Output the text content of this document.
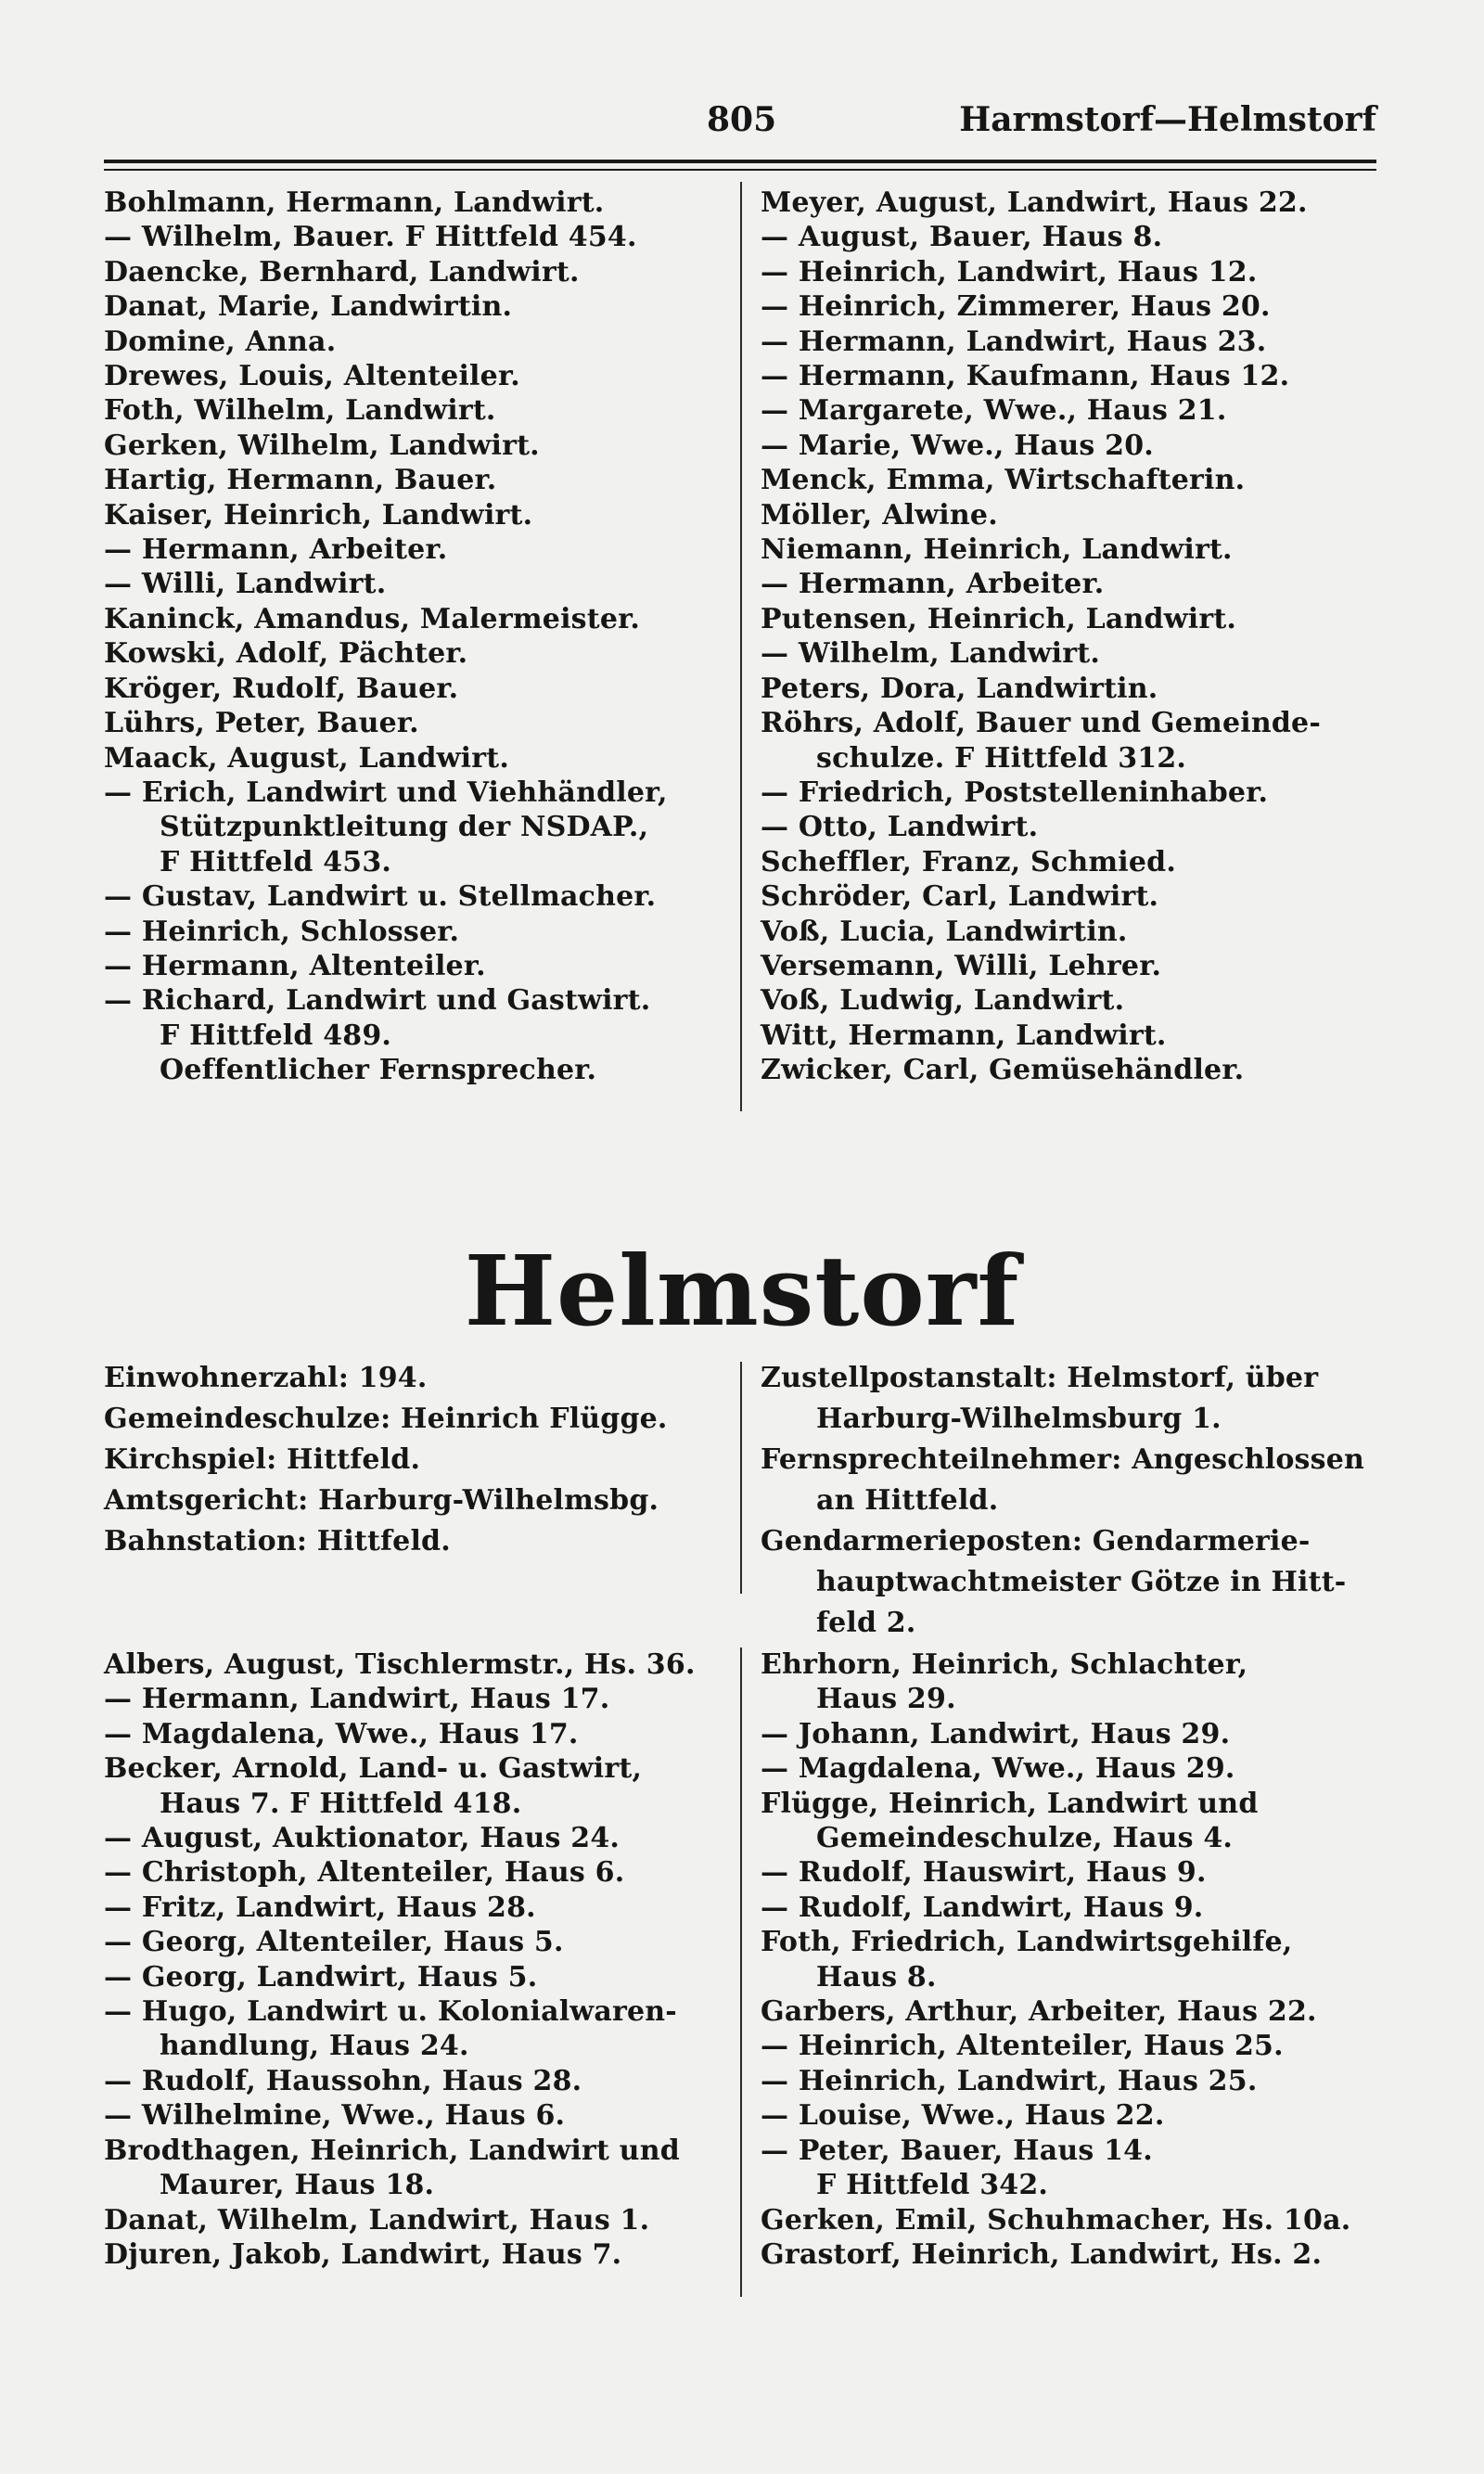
805	Harmstorf—Helmstorf
Bohlmann, Hermann, Landwirt.
— Wilhelm, Bauer. F Hittfeld 454.
Daencke, Bernhard, Landwirt.
Danat, Marie, Landwirtin.
Domine, Anna.
Drewes, Louis, Altenteiler.
Foth, Wilhelm, Landwirt.
Gerken, Wilhelm, Landwirt.
Hartig, Hermann, Bauer.
Kaiser, Heinrich, Landwirt.
— Hermann, Arbeiter.
— Willi, Landwirt.
Kaninck, Amandus, Malermeister.
Kowski, Adolf, Pächter.
Kröger, Rudolf, Bauer.
Lührs, Peter, Bauer.
Maack, August, Landwirt.
— Erich, Landwirt und Viehhändler,
Stützpunktleitung der NSDAP.,
F Hittfeld 453.
— Gustav, Landwirt u. Stellmacher.
— Heinrich, Schlosser.
— Hermann, Altenteiler.
— Richard, Landwirt und Gastwirt.
F Hittfeld 489.
Oeffentlicher Fernsprecher.
Meyer, August, Landwirt, Haus 22.
— August, Bauer, Haus 8.
— Heinrich, Landwirt, Haus 12.
— Heinrich, Zimmerer, Haus 20.
— Hermann, Landwirt, Haus 23.
— Hermann, Kaufmann, Haus 12.
— Margarete, Wwe., Haus 21.
— Marie, Wwe., Haus 20.
Menck, Emma, Wirtschafterin.
Möller, Alwine.
Niemann, Heinrich, Landwirt.
— Hermann, Arbeiter.
Putensen, Heinrich, Landwirt.
— Wilhelm, Landwirt.
Peters, Dora, Landwirtin.
Röhrs, Adolf, Bauer und Gemeinde-
schulze. F Hittfeld 312.
— Friedrich, Poststelleninhaber.
— Otto, Landwirt.
Scheffler, Franz, Schmied.
Schröder, Carl, Landwirt.
Voß, Lucia, Landwirtin.
Versemann, Willi, Lehrer.
Voß, Ludwig, Landwirt.
Witt, Hermann, Landwirt.
Zwicker, Carl, Gemüsehändler.
Helmstorf
Einwohnerzahl: 194.
Gemeindeschulze: Heinrich Flügge.
Kirchspiel: Hittfeld.
Amtsgericht: Harburg-Wilhelmsbg.
Bahnstation: Hittfeld.
Zustellpostanstalt: Helmstorf, über
Harburg-Wilhelmsburg 1.
Fernsprechteilnehmer: Angeschlossen
an Hittfeld.
Gendarmerieposten: Gendarmerie-
hauptwachtmeister Götze in Hitt-
feld 2.
Albers, August, Tischlermstr., Hs. 36.
— Hermann, Landwirt, Haus 17.
— Magdalena, Wwe., Haus 17.
Becker, Arnold, Land- u. Gastwirt,
Haus 7. F Hittfeld 418.
— August, Auktionator, Haus 24.
— Christoph, Altenteiler, Haus 6.
— Fritz, Landwirt, Haus 28.
— Georg, Altenteiler, Haus 5.
— Georg, Landwirt, Haus 5.
— Hugo, Landwirt u. Kolonialwaren-
handlung, Haus 24.
— Rudolf, Haussohn, Haus 28.
— Wilhelmine, Wwe., Haus 6.
Brodthagen, Heinrich, Landwirt und
Maurer, Haus 18.
Danat, Wilhelm, Landwirt, Haus 1.
Djuren, Jakob, Landwirt, Haus 7.
Ehrhorn, Heinrich, Schlachter,
Haus 29.
— Johann, Landwirt, Haus 29.
— Magdalena, Wwe., Haus 29.
Flügge, Heinrich, Landwirt und
Gemeindeschulze, Haus 4.
— Rudolf, Hauswirt, Haus 9.
— Rudolf, Landwirt, Haus 9.
Foth, Friedrich, Landwirtsgehilfe,
Haus 8.
Garbers, Arthur, Arbeiter, Haus 22.
— Heinrich, Altenteiler, Haus 25.
— Heinrich, Landwirt, Haus 25.
— Louise, Wwe., Haus 22.
— Peter, Bauer, Haus 14.
F Hittfeld 342.
Gerken, Emil, Schuhmacher, Hs. 10a.
Grastorf, Heinrich, Landwirt, Hs. 2.
